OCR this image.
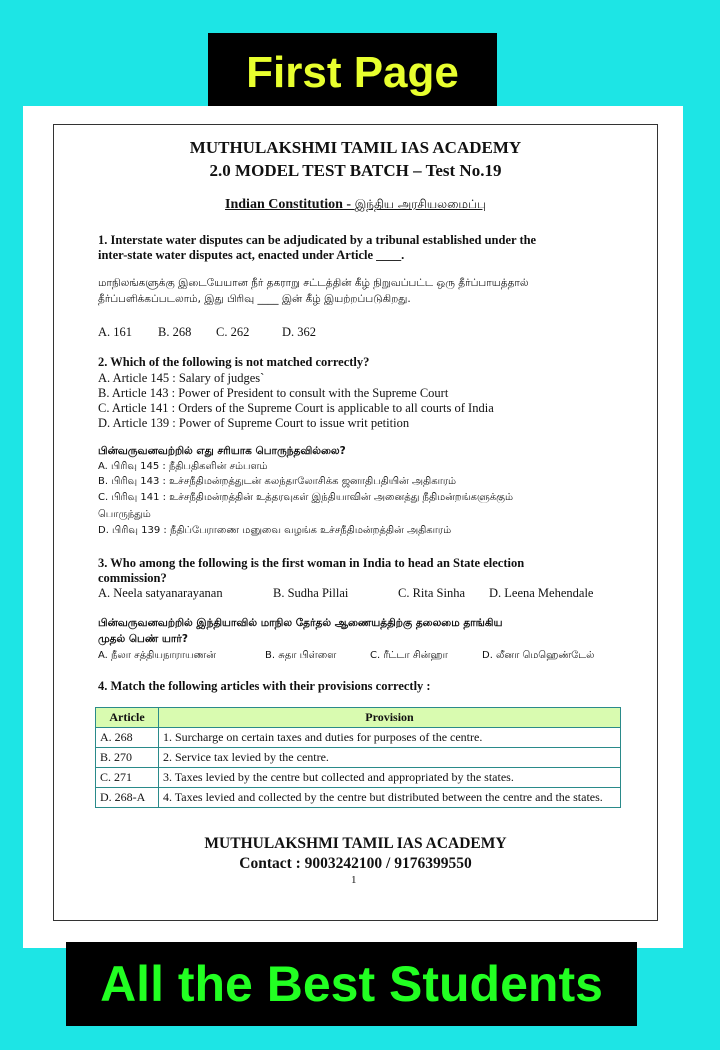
First Page
MUTHULAKSHMI TAMIL IAS ACADEMY
2.0 MODEL TEST BATCH – Test No.19
Indian Constitution - இந்திய அரசியலமைப்பு
1. Interstate water disputes can be adjudicated by a tribunal established under the
inter-state water disputes act, enacted under Article ____.
மாநிலங்களுக்கு இடையேயான நீர் தகராறு சட்டத்தின் கீழ் நிறுவப்பட்ட ஒரு தீர்ப்பாயத்தால்
தீர்ப்பளிக்கப்படலாம், இது பிரிவு ____ இன் கீழ் இயற்றப்படுகிறது.
A. 161 B. 268 C. 262	D. 362
2. Which of the following is not matched correctly?
A. Article 145 : Salary of judges`
B. Article 143 : Power of President to consult with the Supreme Court
C. Article 141 : Orders of the Supreme Court is applicable to all courts of India
D. Article 139 : Power of Supreme Court to issue writ petition
பின்வருவனவற்றில் எது சரியாக பொருந்தவில்லை?
A. பிரிவு 145 : நீதிபதிகளின் சம்பளம்
B. பிரிவு 143 : உச்சநீதிமன்றத்துடன் கலந்தாலோசிக்க ஜனாதிபதியின் அதிகாரம்
C. பிரிவு 141 : உச்சநீதிமன்றத்தின் உத்தரவுகள் இந்தியாவின் அனைத்து நீதிமன்றங்களுக்கும்
பொருந்தும்
D. பிரிவு 139 : நீதிப்பேராணை மனுவை வழங்க உச்சநீதிமன்றத்தின் அதிகாரம்
3. Who among the following is the first woman in India to head an State election
commission?
A. Neela satyanarayanan	B. Sudha Pillai	C. Rita Sinha D. Leena Mehendale
பின்வருவனவற்றில் இந்தியாவில் மாநில தேர்தல் ஆணையத்திற்கு தலைமை தாங்கிய
முதல் பெண் யார்?
A. நீலா சத்தியநாராயணன்	B. சுதா பிள்ளை	C. ரீட்டா சின்ஹா	D. லீனா மெஹெண்டேல்
4. Match the following articles with their provisions correctly :
Article	Provision
A. 268	1. Surcharge on certain taxes and duties for purposes of the centre.
B. 270	2. Service tax levied by the centre.
C. 271	3. Taxes levied by the centre but collected and appropriated by the states.
D. 268-A	4. Taxes levied and collected by the centre but distributed between the centre and the states.
MUTHULAKSHMI TAMIL IAS ACADEMY
Contact : 9003242100 / 9176399550
1
All the Best Students
